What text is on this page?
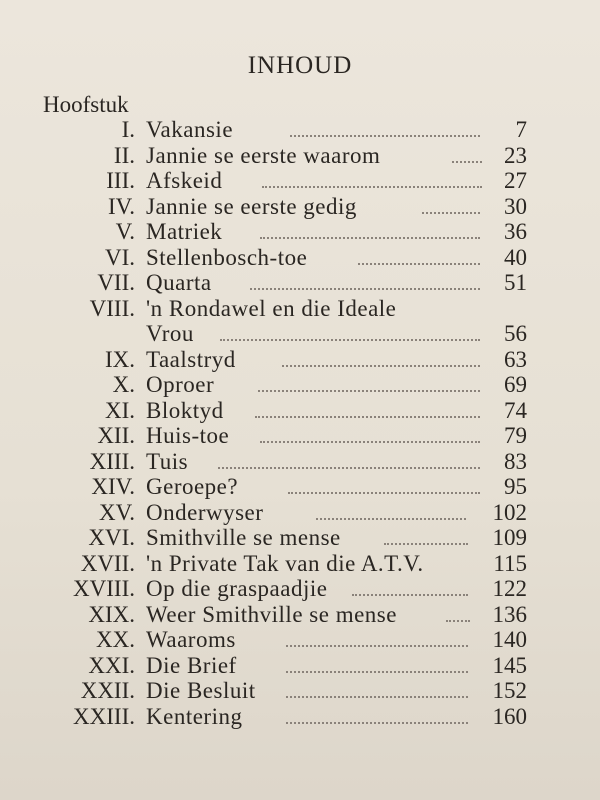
INHOUD
Hoofstuk
I. Vakansie	7
II. Jannie se eerste waarom	23
III. Afskeid	27
IV. Jannie se eerste gedig	30
V. Matriek	36
VI. Stellenbosch-toe	40
VII. Quarta	51
VIII. 'n Rondawel en die Ideale
Vrou	56
IX. Taalstryd	63
X. Oproer	69
XI. Bloktyd	74
XII. Huis-toe	79
XIII. Tuis	83
XIV. Geroepe?	95
XV. Onderwyser	102
XVI. Smithville se mense	109
XVII. 'n Private Tak van die A.T.V.	115
XVIII. Op die graspaadjie	122
XIX. Weer Smithville se mense	136
XX. Waaroms	140
XXI. Die Brief	145
XXII. Die Besluit	152
XXIII. Kentering	160
